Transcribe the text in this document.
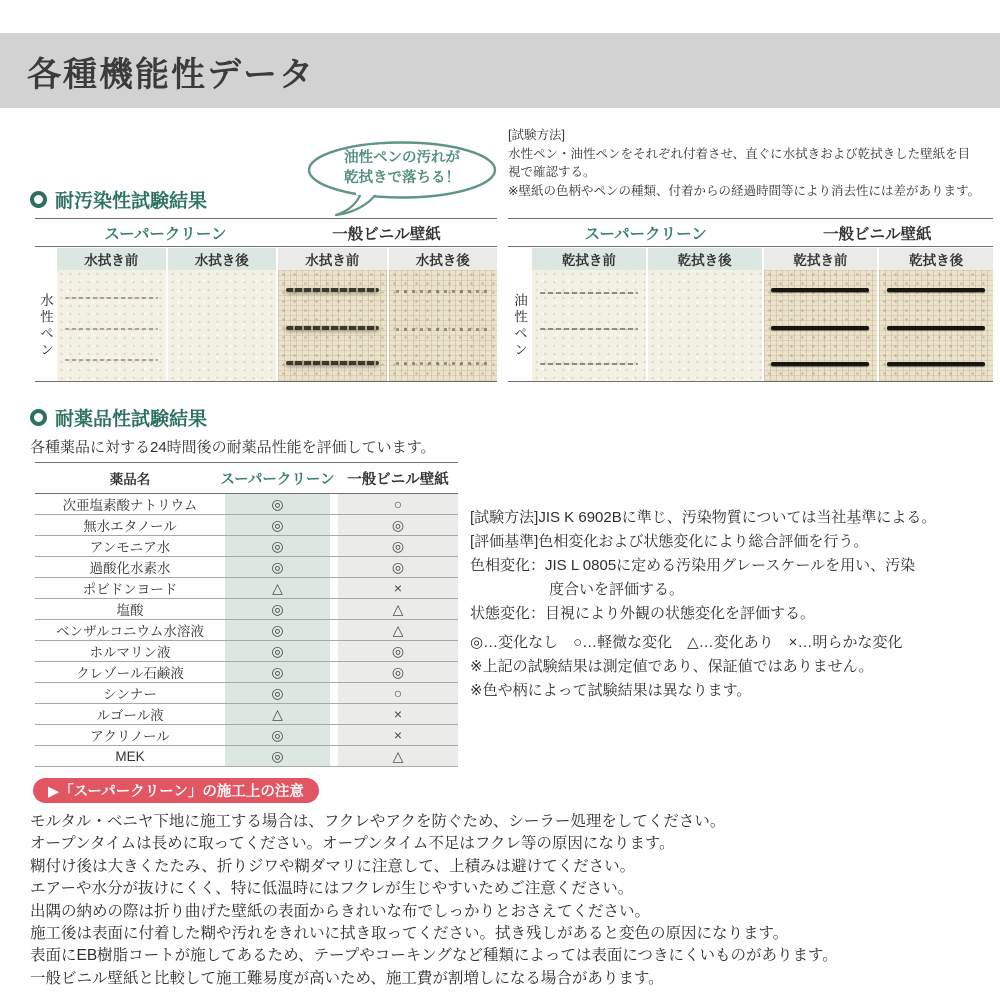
各種機能性データ
耐汚染性試験結果
油性ペンの汚れが
乾拭きで落ちる！
[試験方法]
水性ペン・油性ペンをそれぞれ付着させ、直ぐに水拭きおよび乾拭きした壁紙を目
視で確認する。
※壁紙の色柄やペンの種類、付着からの経過時間等により消去性には差があります。
スーパークリーン	一般ビニル壁紙
水拭き前	水拭き後	水拭き前	水拭き後
水性ペン
スーパークリーン	一般ビニル壁紙
乾拭き前	乾拭き後	乾拭き前	乾拭き後
油性ペン
耐薬品性試験結果
各種薬品に対する24時間後の耐薬品性能を評価しています。
薬品名	スーパークリーン 一般ビニル壁紙
次亜塩素酸ナトリウム	◎	○
無水エタノール	◎	◎
アンモニア水	◎	◎
過酸化水素水	◎	◎
ポビドンヨード	△	×
塩酸	◎	△
ベンザルコニウム水溶液	◎	△
ホルマリン液	◎	◎
クレゾール石鹸液	◎	◎
シンナー	◎	○
ルゴール液	△	×
アクリノール	◎	×
MEK	◎	△
[試験方法]JIS K 6902Bに準じ、汚染物質については当社基準による。
[評価基準]色相変化および状態変化により総合評価を行う。
色相変化：JIS L 0805に定める汚染用グレースケールを用い、汚染
度合いを評価する。
状態変化：目視により外観の状態変化を評価する。
◎…変化なし　○…軽微な変化　△…変化あり　×…明らかな変化
※上記の試験結果は測定値であり、保証値ではありません。
※色や柄によって試験結果は異なります。
▶「スーパークリーン」の施工上の注意
モルタル・ベニヤ下地に施工する場合は、フクレやアクを防ぐため、シーラー処理をしてください。
オープンタイムは長めに取ってください。オープンタイム不足はフクレ等の原因になります。
糊付け後は大きくたたみ、折りジワや糊ダマリに注意して、上積みは避けてください。
エアーや水分が抜けにくく、特に低温時にはフクレが生じやすいためご注意ください。
出隅の納めの際は折り曲げた壁紙の表面からきれいな布でしっかりとおさえてください。
施工後は表面に付着した糊や汚れをきれいに拭き取ってください。拭き残しがあると変色の原因になります。
表面にEB樹脂コートが施してあるため、テープやコーキングなど種類によっては表面につきにくいものがあります。
一般ビニル壁紙と比較して施工難易度が高いため、施工費が割増しになる場合があります。
